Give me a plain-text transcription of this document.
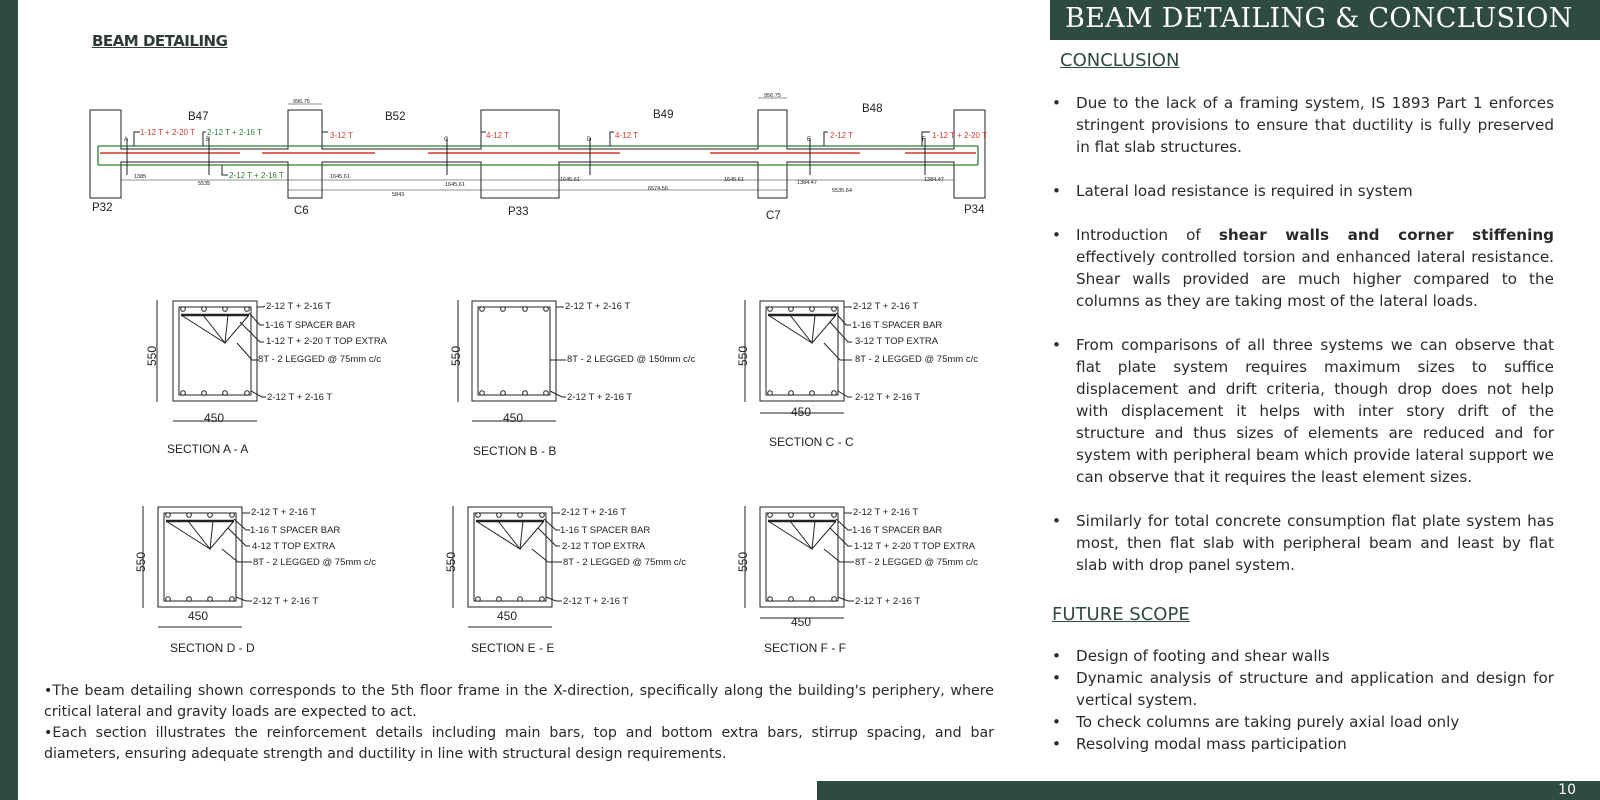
BEAM DETAILING & CONCLUSION
10
BEAM DETAILING
P32	C6	P33	C7	P34
B47	B52	B49	B48
996.75
956.75
1-12 T + 2-20 T 2-12 T + 2-16 T	3-12 T	4-12 T	4-12 T	2-12 T	1-12 T + 2-20 T
2-12 T + 2-16 T
A	B	C	D	E	F
1385
5535
1645.61
5843
1645.61
1645.61
6574.56
1645.61	1384.47
5535.64
1384.47
2-12 T + 2-16 T
1-16 T SPACER BAR
1-12 T + 2-20 T TOP EXTRA
8T - 2 LEGGED @ 75mm c/c
2-12 T + 2-16 T
550
450
SECTION A - A
2-12 T + 2-16 T
8T - 2 LEGGED @ 150mm c/c
2-12 T + 2-16 T
550
450
SECTION B - B
2-12 T + 2-16 T
1-16 T SPACER BAR
3-12 T TOP EXTRA
8T - 2 LEGGED @ 75mm c/c
2-12 T + 2-16 T
550
450
SECTION C - C
2-12 T + 2-16 T
1-16 T SPACER BAR
4-12 T TOP EXTRA
8T - 2 LEGGED @ 75mm c/c
2-12 T + 2-16 T
550
450
SECTION D - D
2-12 T + 2-16 T
1-16 T SPACER BAR
2-12 T TOP EXTRA
8T - 2 LEGGED @ 75mm c/c
2-12 T + 2-16 T
550
450
SECTION E - E
2-12 T + 2-16 T
1-16 T SPACER BAR
1-12 T + 2-20 T TOP EXTRA
8T - 2 LEGGED @ 75mm c/c
2-12 T + 2-16 T
550
450
SECTION F - F
•The beam detailing shown corresponds to the 5th floor frame in the X-direction, specifically along the building's periphery, where critical lateral and gravity loads are expected to act.
•Each section illustrates the reinforcement details including main bars, top and bottom extra bars, stirrup spacing, and bar diameters, ensuring adequate strength and ductility in line with structural design requirements.
CONCLUSION
• Due to the lack of a framing system, IS 1893 Part 1 enforces stringent provisions to ensure that ductility is fully preserved in flat slab structures.
• Lateral load resistance is required in system
• Introduction of shear walls and corner stiffening effectively controlled torsion and enhanced lateral resistance. Shear walls provided are much higher compared to the columns as they are taking most of the lateral loads.
• From comparisons of all three systems we can observe that flat plate system requires maximum sizes to suffice displacement and drift criteria, though drop does not help with displacement it helps with inter story drift of the structure and thus sizes of elements are reduced and for system with peripheral beam which provide lateral support we can observe that it requires the least element sizes.
• Similarly for total concrete consumption flat plate system has most, then flat slab with peripheral beam and least by flat slab with drop panel system.
FUTURE SCOPE
• Design of footing and shear walls
• Dynamic analysis of structure and application and design for vertical system.
• To check columns are taking purely axial load only
• Resolving modal mass participation
